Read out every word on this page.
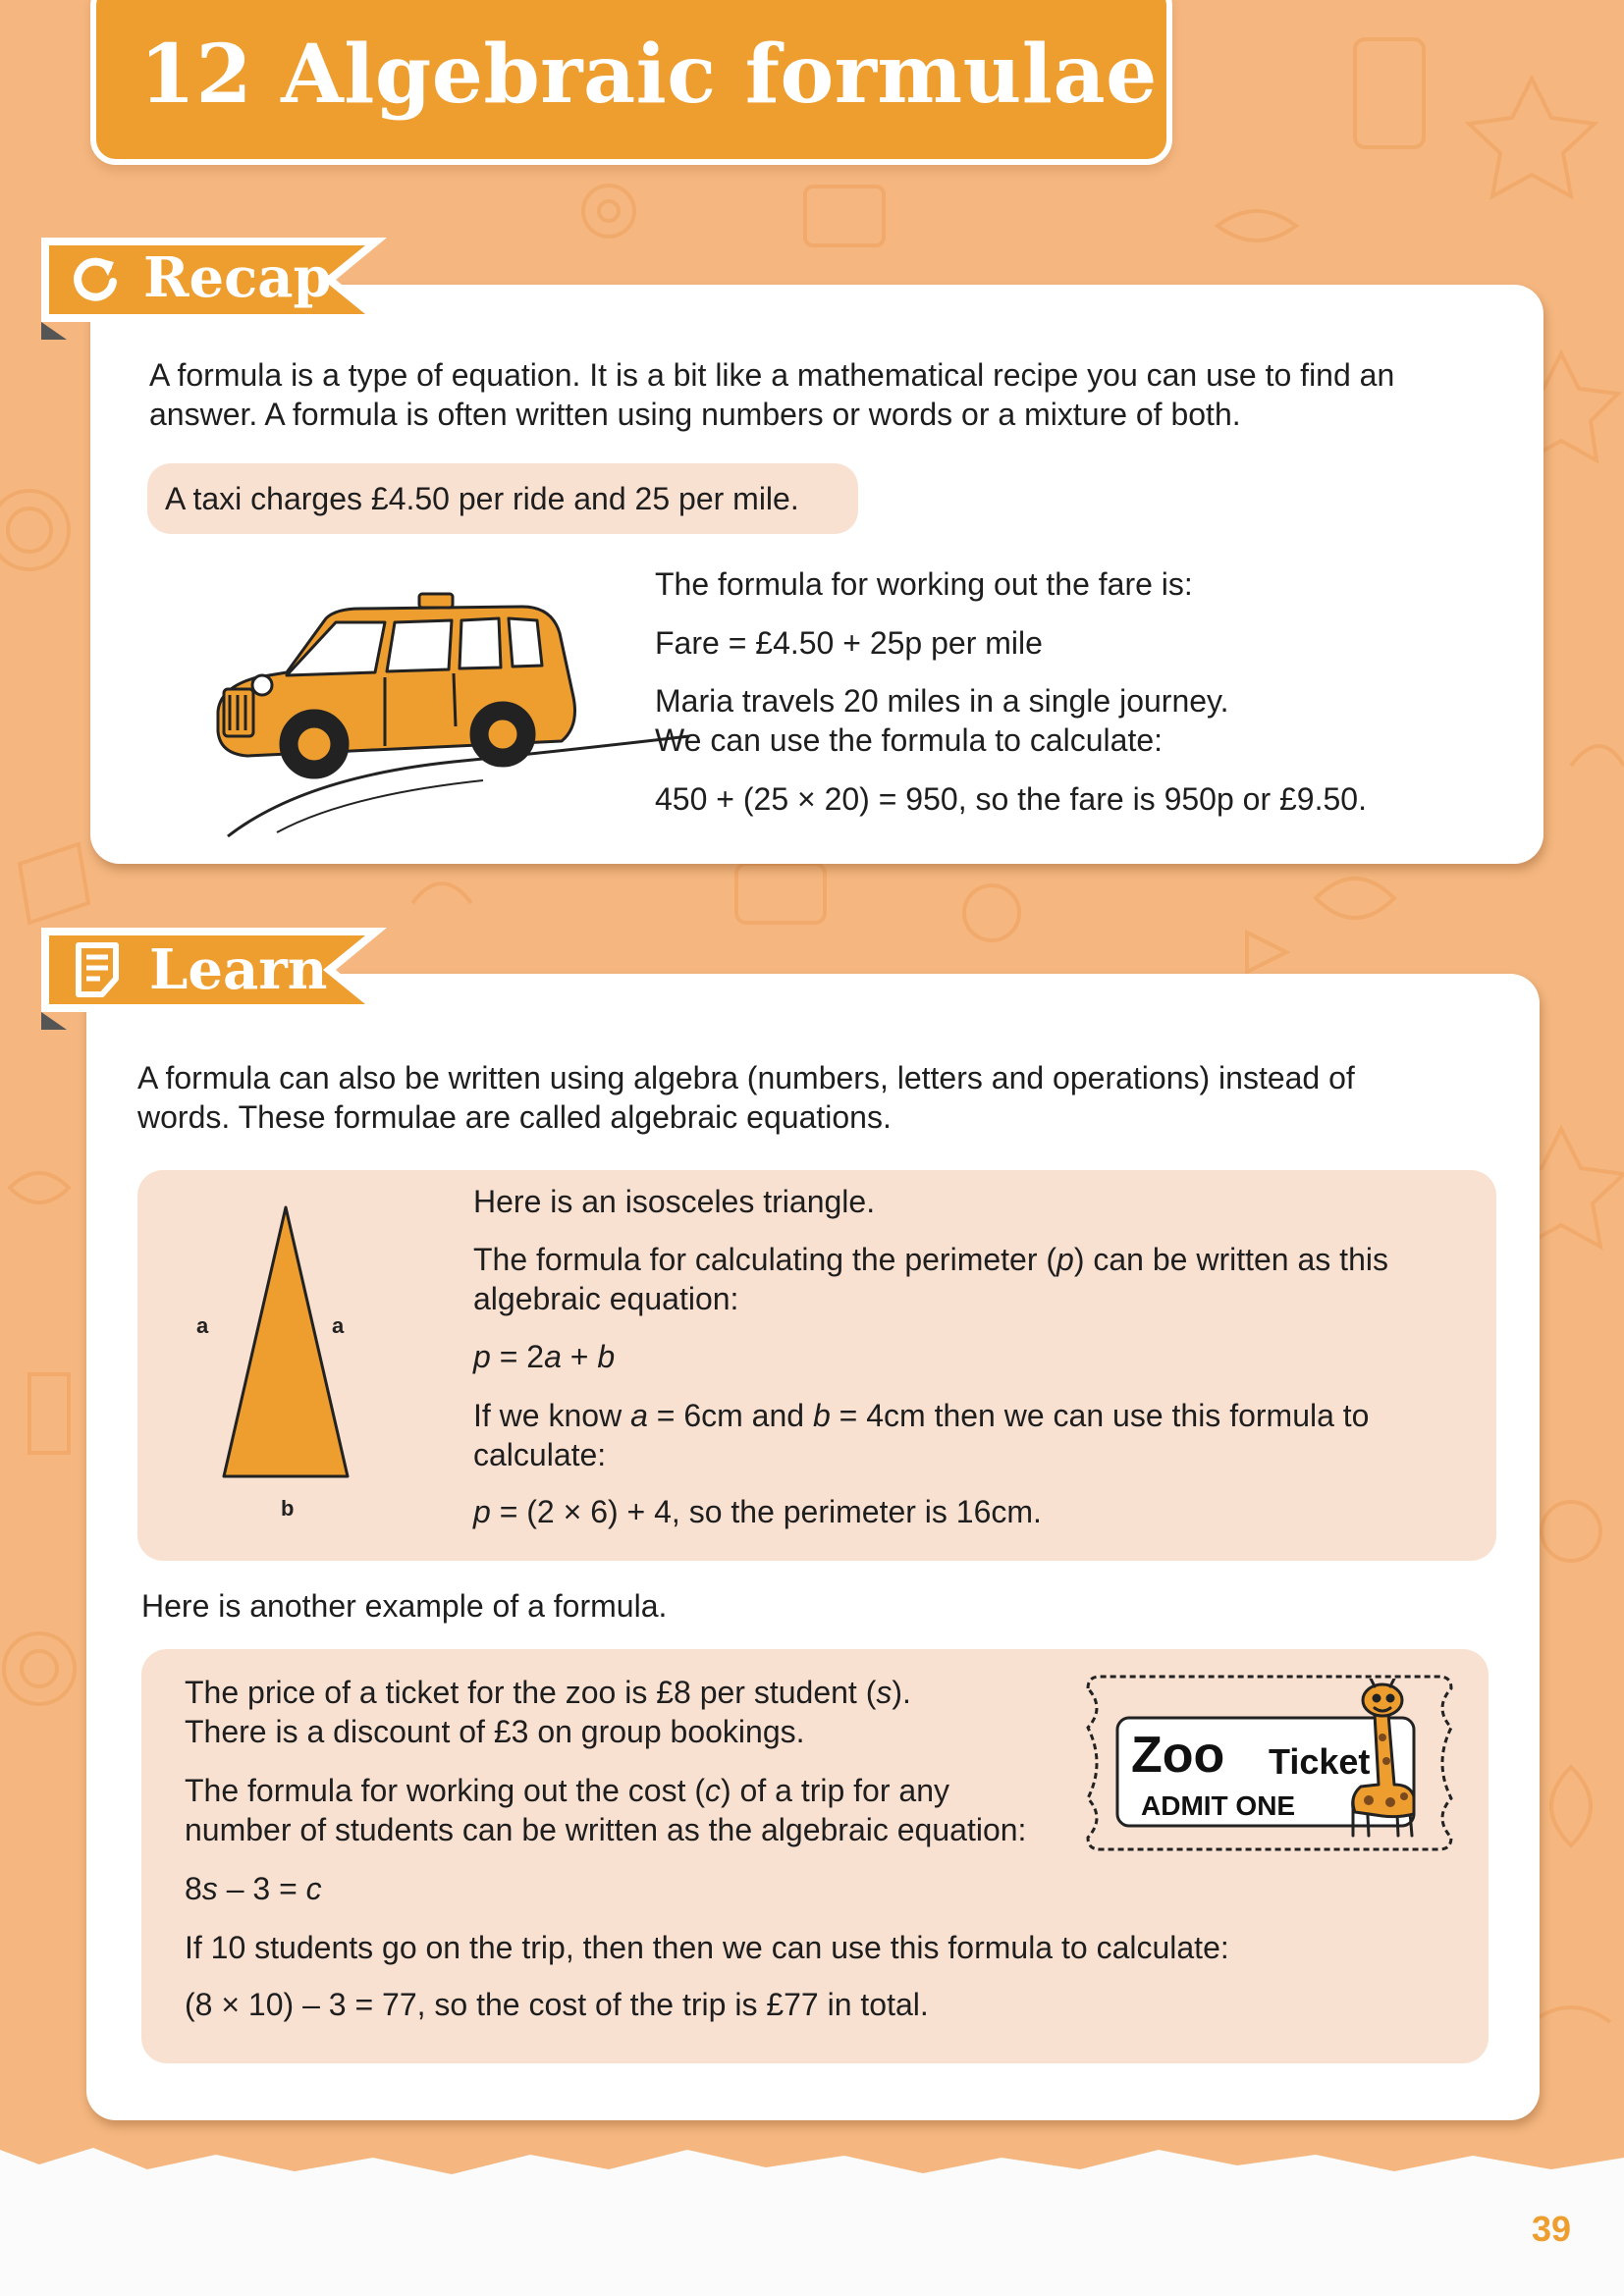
12 Algebraic formulae
A formula is a type of equation. It is a bit like a mathematical recipe you can use to find an
answer. A formula is often written using numbers or words or a mixture of both.
A taxi charges £4.50 per ride and 25 per mile.
The formula for working out the fare is:
Fare = £4.50 + 25p per mile
Maria travels 20 miles in a single journey.
We can use the formula to calculate:
450 + (25 × 20) = 950, so the fare is 950p or £9.50.
Recap
A formula can also be written using algebra (numbers, letters and operations) instead of
words. These formulae are called algebraic equations.
a	a
b
Here is an isosceles triangle.
The formula for calculating the perimeter (p) can be written as this
algebraic equation:
p = 2a + b
If we know a = 6cm and b = 4cm then we can use this formula to
calculate:
p = (2 × 6) + 4, so the perimeter is 16cm.
Here is another example of a formula.
The price of a ticket for the zoo is £8 per student (s).
There is a discount of £3 on group bookings.
The formula for working out the cost (c) of a trip for any
number of students can be written as the algebraic equation:
8s – 3 = c
If 10 students go on the trip, then then we can use this formula to calculate:
(8 × 10) – 3 = 77, so the cost of the trip is £77 in total.
Zoo Ticket
ADMIT ONE
Learn
39
